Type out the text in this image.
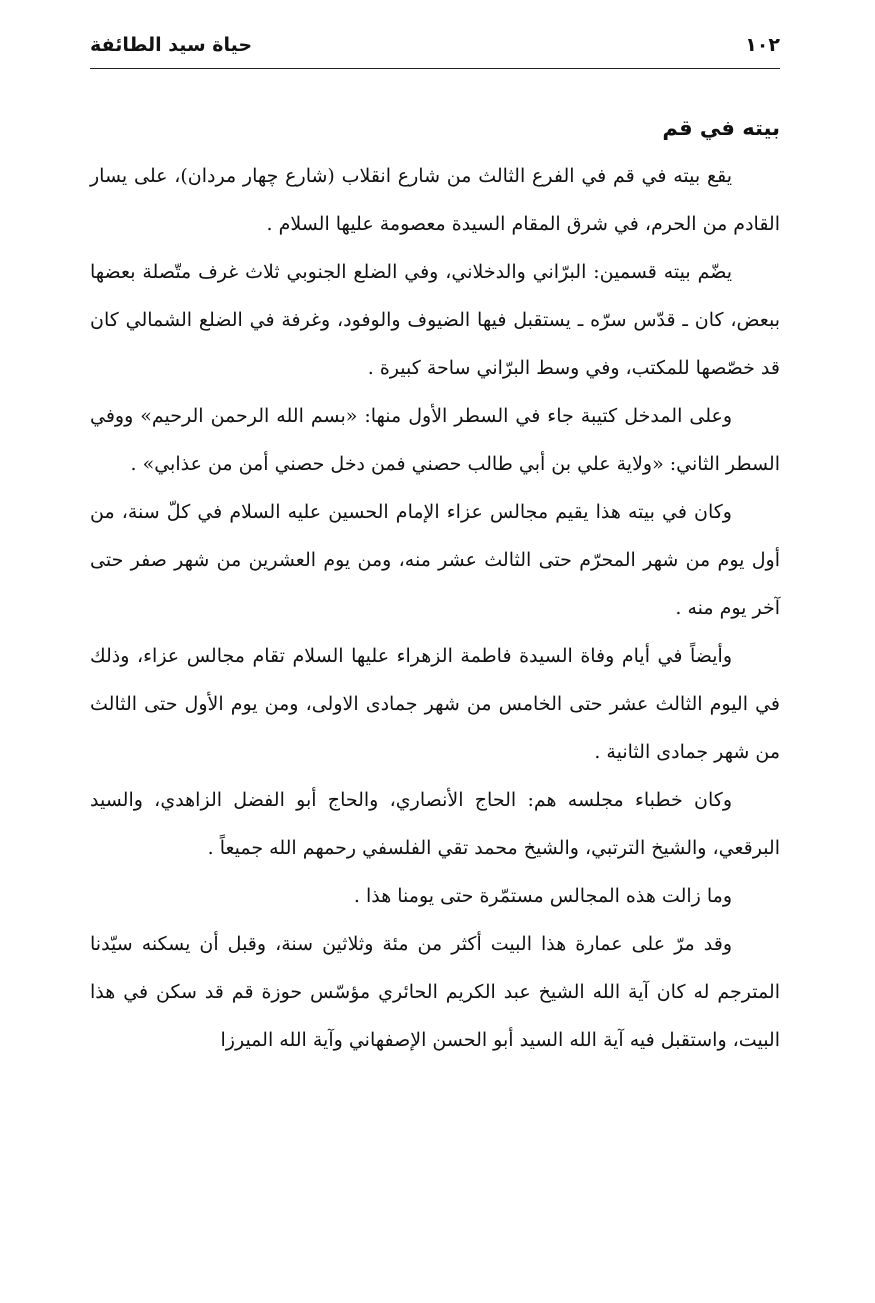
حياة سيد الطائفة	١٠٢
بيته في قم

يقع بيته في قم في الفرع الثالث من شارع انقلاب (شارع چهار مردان)، على يسار القادم من الحرم، في شرق المقام السيدة معصومة عليها السلام .

يضّم بيته قسمين: البرّاني والدخلاني، وفي الضلع الجنوبي ثلاث غرف متّصلة بعضها ببعض، كان ـ قدّس سرّه ـ يستقبل فيها الضيوف والوفود، وغرفة في الضلع الشمالي كان قد خصّصها للمكتب، وفي وسط البرّاني ساحة كبيرة .

وعلى المدخل كتيبة جاء في السطر الأول منها: «بسم الله الرحمن الرحيم» ووفي السطر الثاني: «ولاية علي بن أبي طالب حصني فمن دخل حصني أمن من عذابي» .

وكان في بيته هذا يقيم مجالس عزاء الإمام الحسين عليه السلام في كلّ سنة، من أول يوم من شهر المحرّم حتى الثالث عشر منه، ومن يوم العشرين من شهر صفر حتى آخر يوم منه .

وأيضاً في أيام وفاة السيدة فاطمة الزهراء عليها السلام تقام مجالس عزاء، وذلك في اليوم الثالث عشر حتى الخامس من شهر جمادى الاولى، ومن يوم الأول حتى الثالث من شهر جمادى الثانية .

وكان خطباء مجلسه هم: الحاج الأنصاري، والحاج أبو الفضل الزاهدي، والسيد البرقعي، والشيخ الترتبي، والشيخ محمد تقي الفلسفي رحمهم الله جميعاً .

وما زالت هذه المجالس مستمّرة حتى يومنا هذا .

وقد مرّ على عمارة هذا البيت أكثر من مئة وثلاثين سنة، وقبل أن يسكنه سيّدنا المترجم له كان آية الله الشيخ عبد الكريم الحائري مؤسّس حوزة قم قد سكن في هذا البيت، واستقبل فيه آية الله السيد أبو الحسن الإصفهاني وآية الله الميرزا
